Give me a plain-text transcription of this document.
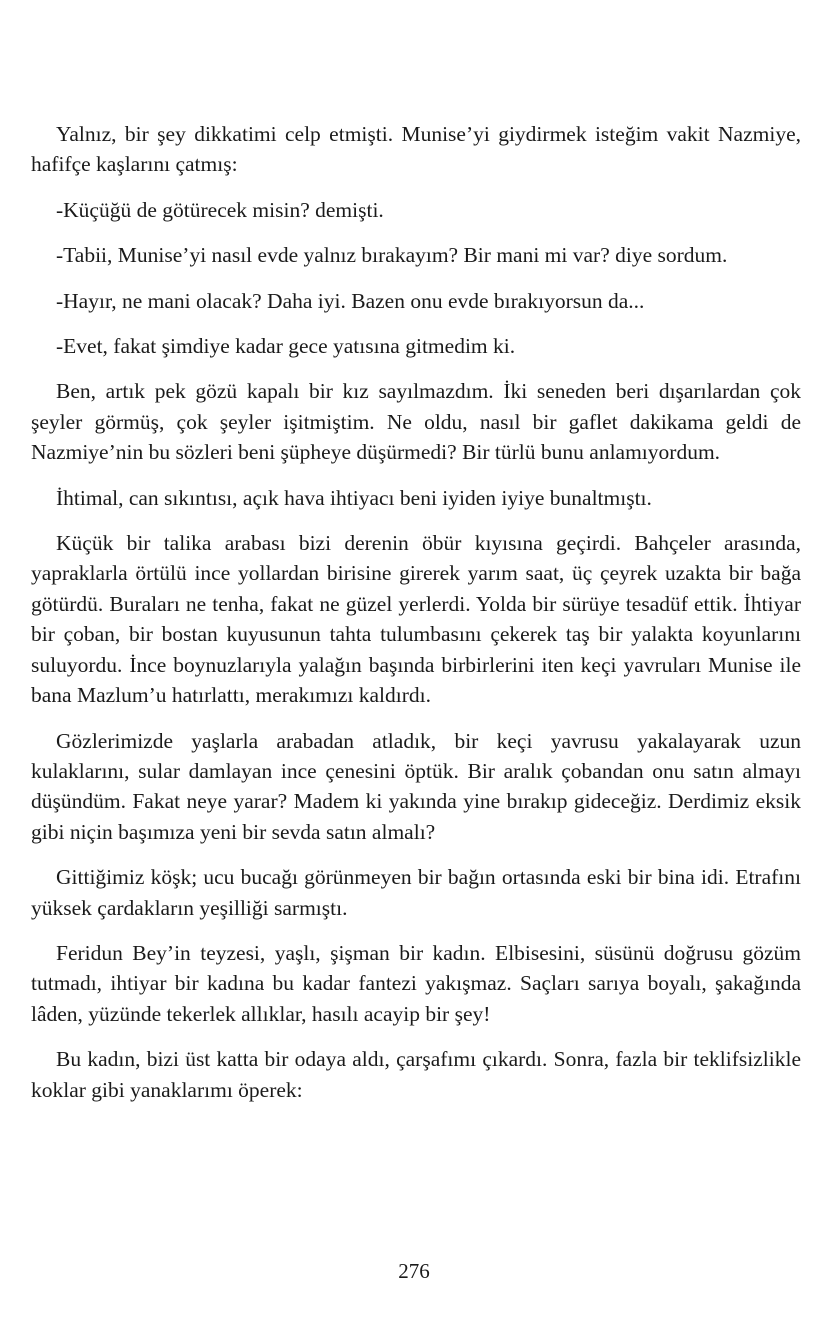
Yalnız, bir şey dikkatimi celp etmişti. Munise’yi giydirmek isteğim vakit Nazmiye, hafifçe kaşlarını çatmış:

-Küçüğü de götürecek misin? demişti.

-Tabii, Munise’yi nasıl evde yalnız bırakayım? Bir mani mi var? diye sordum.

-Hayır, ne mani olacak? Daha iyi. Bazen onu evde bırakıyorsun da...

-Evet, fakat şimdiye kadar gece yatısına gitmedim ki.

Ben, artık pek gözü kapalı bir kız sayılmazdım. İki seneden beri dışarılardan çok şeyler görmüş, çok şeyler işitmiştim. Ne oldu, nasıl bir gaflet dakikama geldi de Nazmiye’nin bu sözleri beni şüpheye düşürmedi? Bir türlü bunu anlamıyordum.

İhtimal, can sıkıntısı, açık hava ihtiyacı beni iyiden iyiye bunaltmıştı.

Küçük bir talika arabası bizi derenin öbür kıyısına geçirdi. Bahçeler arasında, yapraklarla örtülü ince yollardan birisine girerek yarım saat, üç çeyrek uzakta bir bağa götürdü. Buraları ne tenha, fakat ne güzel yerlerdi. Yolda bir sürüye tesadüf ettik. İhtiyar bir çoban, bir bostan kuyusunun tahta tulumbasını çekerek taş bir yalakta koyunlarını suluyordu. İnce boynuzlarıyla yalağın başında birbirlerini iten keçi yavruları Munise ile bana Mazlum’u hatırlattı, merakımızı kaldırdı.

Gözlerimizde yaşlarla arabadan atladık, bir keçi yavrusu yakalayarak uzun kulaklarını, sular damlayan ince çenesini öptük. Bir aralık çobandan onu satın almayı düşündüm. Fakat neye yarar? Madem ki yakında yine bırakıp gideceğiz. Derdimiz eksik gibi niçin başımıza yeni bir sevda satın almalı?

Gittiğimiz köşk; ucu bucağı görünmeyen bir bağın ortasında eski bir bina idi. Etrafını yüksek çardakların yeşilliği sarmıştı.

Feridun Bey’in teyzesi, yaşlı, şişman bir kadın. Elbisesini, süsünü doğrusu gözüm tutmadı, ihtiyar bir kadına bu kadar fantezi yakışmaz. Saçları sarıya boyalı, şakağında lâden, yüzünde tekerlek allıklar, hasılı acayip bir şey!

Bu kadın, bizi üst katta bir odaya aldı, çarşafımı çıkardı. Sonra, fazla bir teklifsizlikle koklar gibi yanaklarımı öperek:

276
